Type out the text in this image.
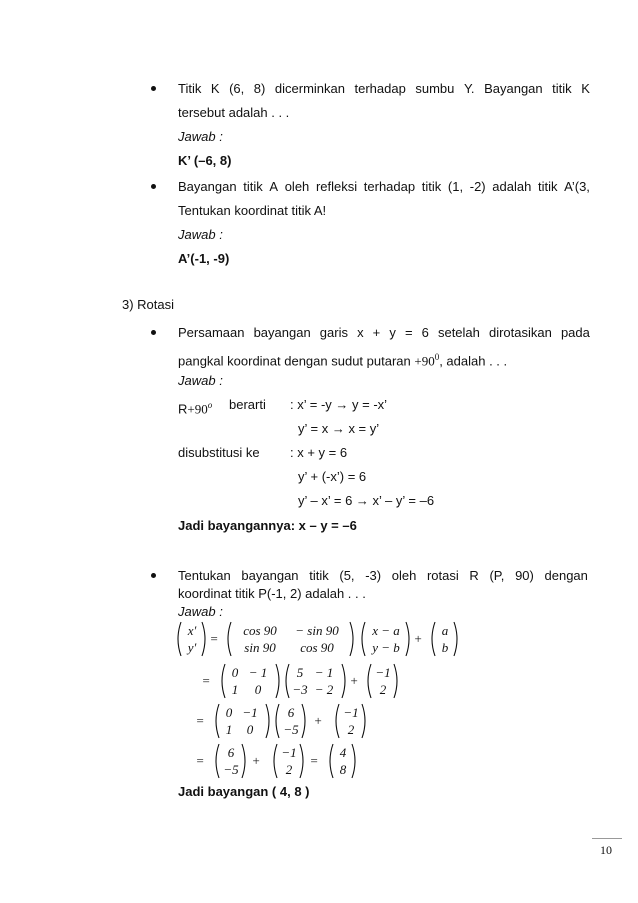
Titik K (6, 8) dicerminkan terhadap sumbu Y. Bayangan titik K
tersebut adalah . . .
Jawab :
K’ (–6, 8)
Bayangan titik A oleh refleksi terhadap titik (1, -2) adalah titik A’(3,
Tentukan koordinat titik A!
Jawab :
A’(-1, -9)
3) Rotasi
Persamaan bayangan garis x + y = 6 setelah dirotasikan pada
pangkal koordinat dengan sudut putaran $+90^0$, adalah . . .
Jawab :
$R+90^o$ berarti : x’ = -y → y = -x’
y’ = x → x = y’
disubstitusi ke : x + y = 6
y’ + (-x’) = 6
y’ – x’ = 6 → x’ – y’ = –6
Jadi bayangannya: x – y = –6
Tentukan bayangan titik (5, -3) oleh rotasi R (P, 90) dengan
koordinat titik P(-1, 2) adalah . . .
Jawab :
x′
y′
=
cos 90
sin 90
− sin 90
cos 90
x − a
y − b
+
a
b
=
0
1
− 1
0
5
−3
− 1
− 2
+
−1
2
=
0
1
−1
0
6
−5
+
−1
2
=
6
−5
+
−1
2
=
4
8
Jadi bayangan ( 4, 8 )
10
